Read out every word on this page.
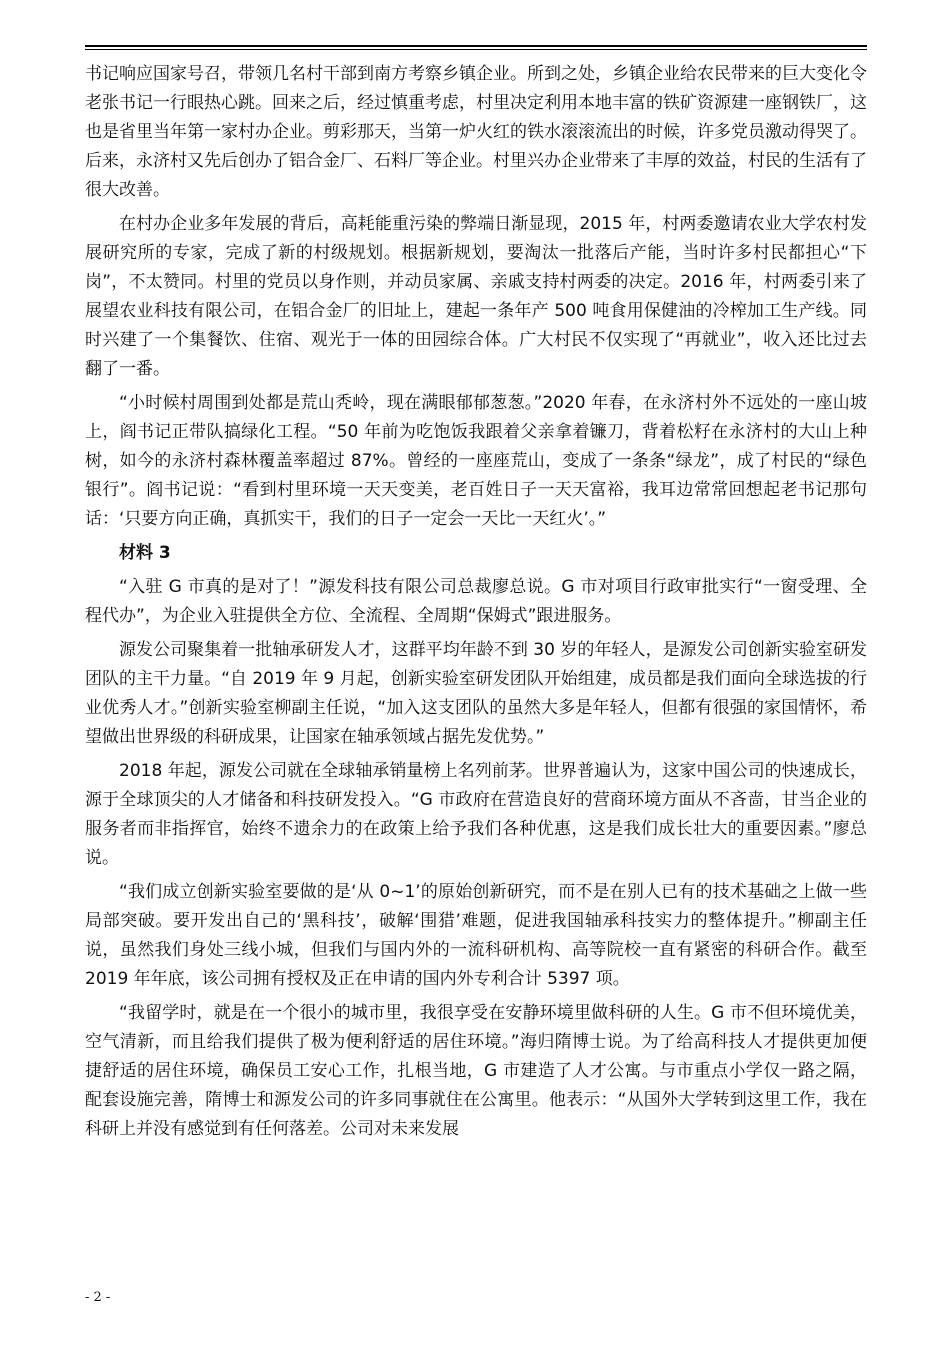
书记响应国家号召，带领几名村干部到南方考察乡镇企业。所到之处，乡镇企业给农民带来的巨大变化令老张书记一行眼热心跳。回来之后，经过慎重考虑，村里决定利用本地丰富的铁矿资源建一座钢铁厂，这也是省里当年第一家村办企业。剪彩那天，当第一炉火红的铁水滚滚流出的时候，许多党员激动得哭了。后来，永济村又先后创办了铝合金厂、石料厂等企业。村里兴办企业带来了丰厚的效益，村民的生活有了很大改善。

在村办企业多年发展的背后，高耗能重污染的弊端日渐显现，2015 年，村两委邀请农业大学农村发展研究所的专家，完成了新的村级规划。根据新规划，要淘汰一批落后产能，当时许多村民都担心“下岗”，不太赞同。村里的党员以身作则，并动员家属、亲戚支持村两委的决定。2016 年，村两委引来了展望农业科技有限公司，在铝合金厂的旧址上，建起一条年产 500 吨食用保健油的冷榨加工生产线。同时兴建了一个集餐饮、住宿、观光于一体的田园综合体。广大村民不仅实现了“再就业”，收入还比过去翻了一番。

“小时候村周围到处都是荒山秃岭，现在满眼郁郁葱葱。”2020 年春，在永济村外不远处的一座山坡上，阎书记正带队搞绿化工程。“50 年前为吃饱饭我跟着父亲拿着镰刀，背着松籽在永济村的大山上种树，如今的永济村森林覆盖率超过 87%。曾经的一座座荒山，变成了一条条“绿龙”，成了村民的“绿色银行”。阎书记说：“看到村里环境一天天变美，老百姓日子一天天富裕，我耳边常常回想起老书记那句话：‘只要方向正确，真抓实干，我们的日子一定会一天比一天红火’。”

材料 3

“入驻 G 市真的是对了！”源发科技有限公司总裁廖总说。G 市对项目行政审批实行“一窗受理、全程代办”，为企业入驻提供全方位、全流程、全周期“保姆式”跟进服务。

源发公司聚集着一批轴承研发人才，这群平均年龄不到 30 岁的年轻人，是源发公司创新实验室研发团队的主干力量。“自 2019 年 9 月起，创新实验室研发团队开始组建，成员都是我们面向全球选拔的行业优秀人才。”创新实验室柳副主任说，“加入这支团队的虽然大多是年轻人，但都有很强的家国情怀，希望做出世界级的科研成果，让国家在轴承领域占据先发优势。”

2018 年起，源发公司就在全球轴承销量榜上名列前茅。世界普遍认为，这家中国公司的快速成长，源于全球顶尖的人才储备和科技研发投入。“G 市政府在营造良好的营商环境方面从不吝啬，甘当企业的服务者而非指挥官，始终不遗余力的在政策上给予我们各种优惠，这是我们成长壮大的重要因素。”廖总说。

“我们成立创新实验室要做的是‘从 0~1’的原始创新研究，而不是在别人已有的技术基础之上做一些局部突破。要开发出自己的‘黑科技’，破解‘围猎’难题，促进我国轴承科技实力的整体提升。”柳副主任说，虽然我们身处三线小城，但我们与国内外的一流科研机构、高等院校一直有紧密的科研合作。截至 2019 年年底，该公司拥有授权及正在申请的国内外专利合计 5397 项。

“我留学时，就是在一个很小的城市里，我很享受在安静环境里做科研的人生。G 市不但环境优美，空气清新，而且给我们提供了极为便利舒适的居住环境。”海归隋博士说。为了给高科技人才提供更加便捷舒适的居住环境，确保员工安心工作，扎根当地，G 市建造了人才公寓。与市重点小学仅一路之隔，配套设施完善，隋博士和源发公司的许多同事就住在公寓里。他表示：“从国外大学转到这里工作，我在科研上并没有感觉到有任何落差。公司对未来发展

- 2 -
